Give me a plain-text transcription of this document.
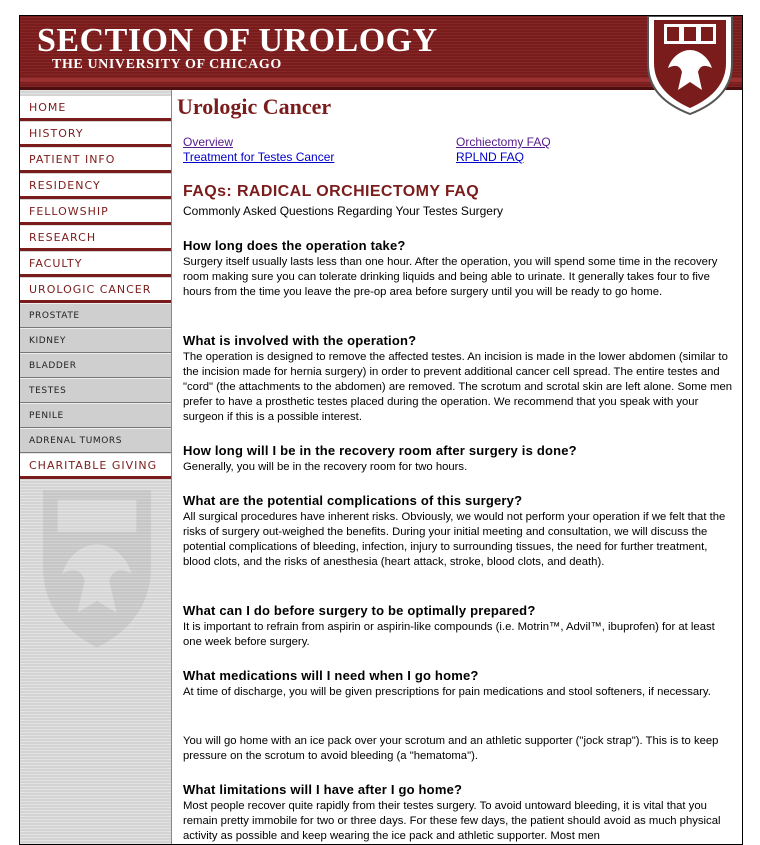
SECTION OF UROLOGY
THE UNIVERSITY OF CHICAGO
HOME
HISTORY
PATIENT INFO
RESIDENCY
FELLOWSHIP
RESEARCH
FACULTY
UROLOGIC CANCER
PROSTATE
KIDNEY
BLADDER
TESTES
PENILE
ADRENAL TUMORS
CHARITABLE GIVING
Urologic Cancer
Overview
Treatment for Testes Cancer
Orchiectomy FAQ
RPLND FAQ
FAQs: RADICAL ORCHIECTOMY FAQ
Commonly Asked Questions Regarding Your Testes Surgery
How long does the operation take?
Surgery itself usually lasts less than one hour. After the operation, you will spend some time in the recovery room making sure you can tolerate drinking liquids and being able to urinate. It generally takes four to five hours from the time you leave the pre-op area before surgery until you will be ready to go home.
What is involved with the operation?
The operation is designed to remove the affected testes. An incision is made in the lower abdomen (similar to the incision made for hernia surgery) in order to prevent additional cancer cell spread. The entire testes and "cord" (the attachments to the abdomen) are removed. The scrotum and scrotal skin are left alone. Some men prefer to have a prosthetic testes placed during the operation. We recommend that you speak with your surgeon if this is a possible interest.
How long will I be in the recovery room after surgery is done?
Generally, you will be in the recovery room for two hours.
What are the potential complications of this surgery?
All surgical procedures have inherent risks. Obviously, we would not perform your operation if we felt that the risks of surgery out-weighed the benefits. During your initial meeting and consultation, we will discuss the potential complications of bleeding, infection, injury to surrounding tissues, the need for further treatment, blood clots, and the risks of anesthesia (heart attack, stroke, blood clots, and death).
What can I do before surgery to be optimally prepared?
It is important to refrain from aspirin or aspirin-like compounds (i.e. Motrin™, Advil™, ibuprofen) for at least one week before surgery.
What medications will I need when I go home?
At time of discharge, you will be given prescriptions for pain medications and stool softeners, if necessary.
You will go home with an ice pack over your scrotum and an athletic supporter ("jock strap"). This is to keep pressure on the scrotum to avoid bleeding (a "hematoma").
What limitations will I have after I go home?
Most people recover quite rapidly from their testes surgery. To avoid untoward bleeding, it is vital that you remain pretty immobile for two or three days. For these few days, the patient should avoid as much physical activity as possible and keep wearing the ice pack and athletic supporter. Most men
